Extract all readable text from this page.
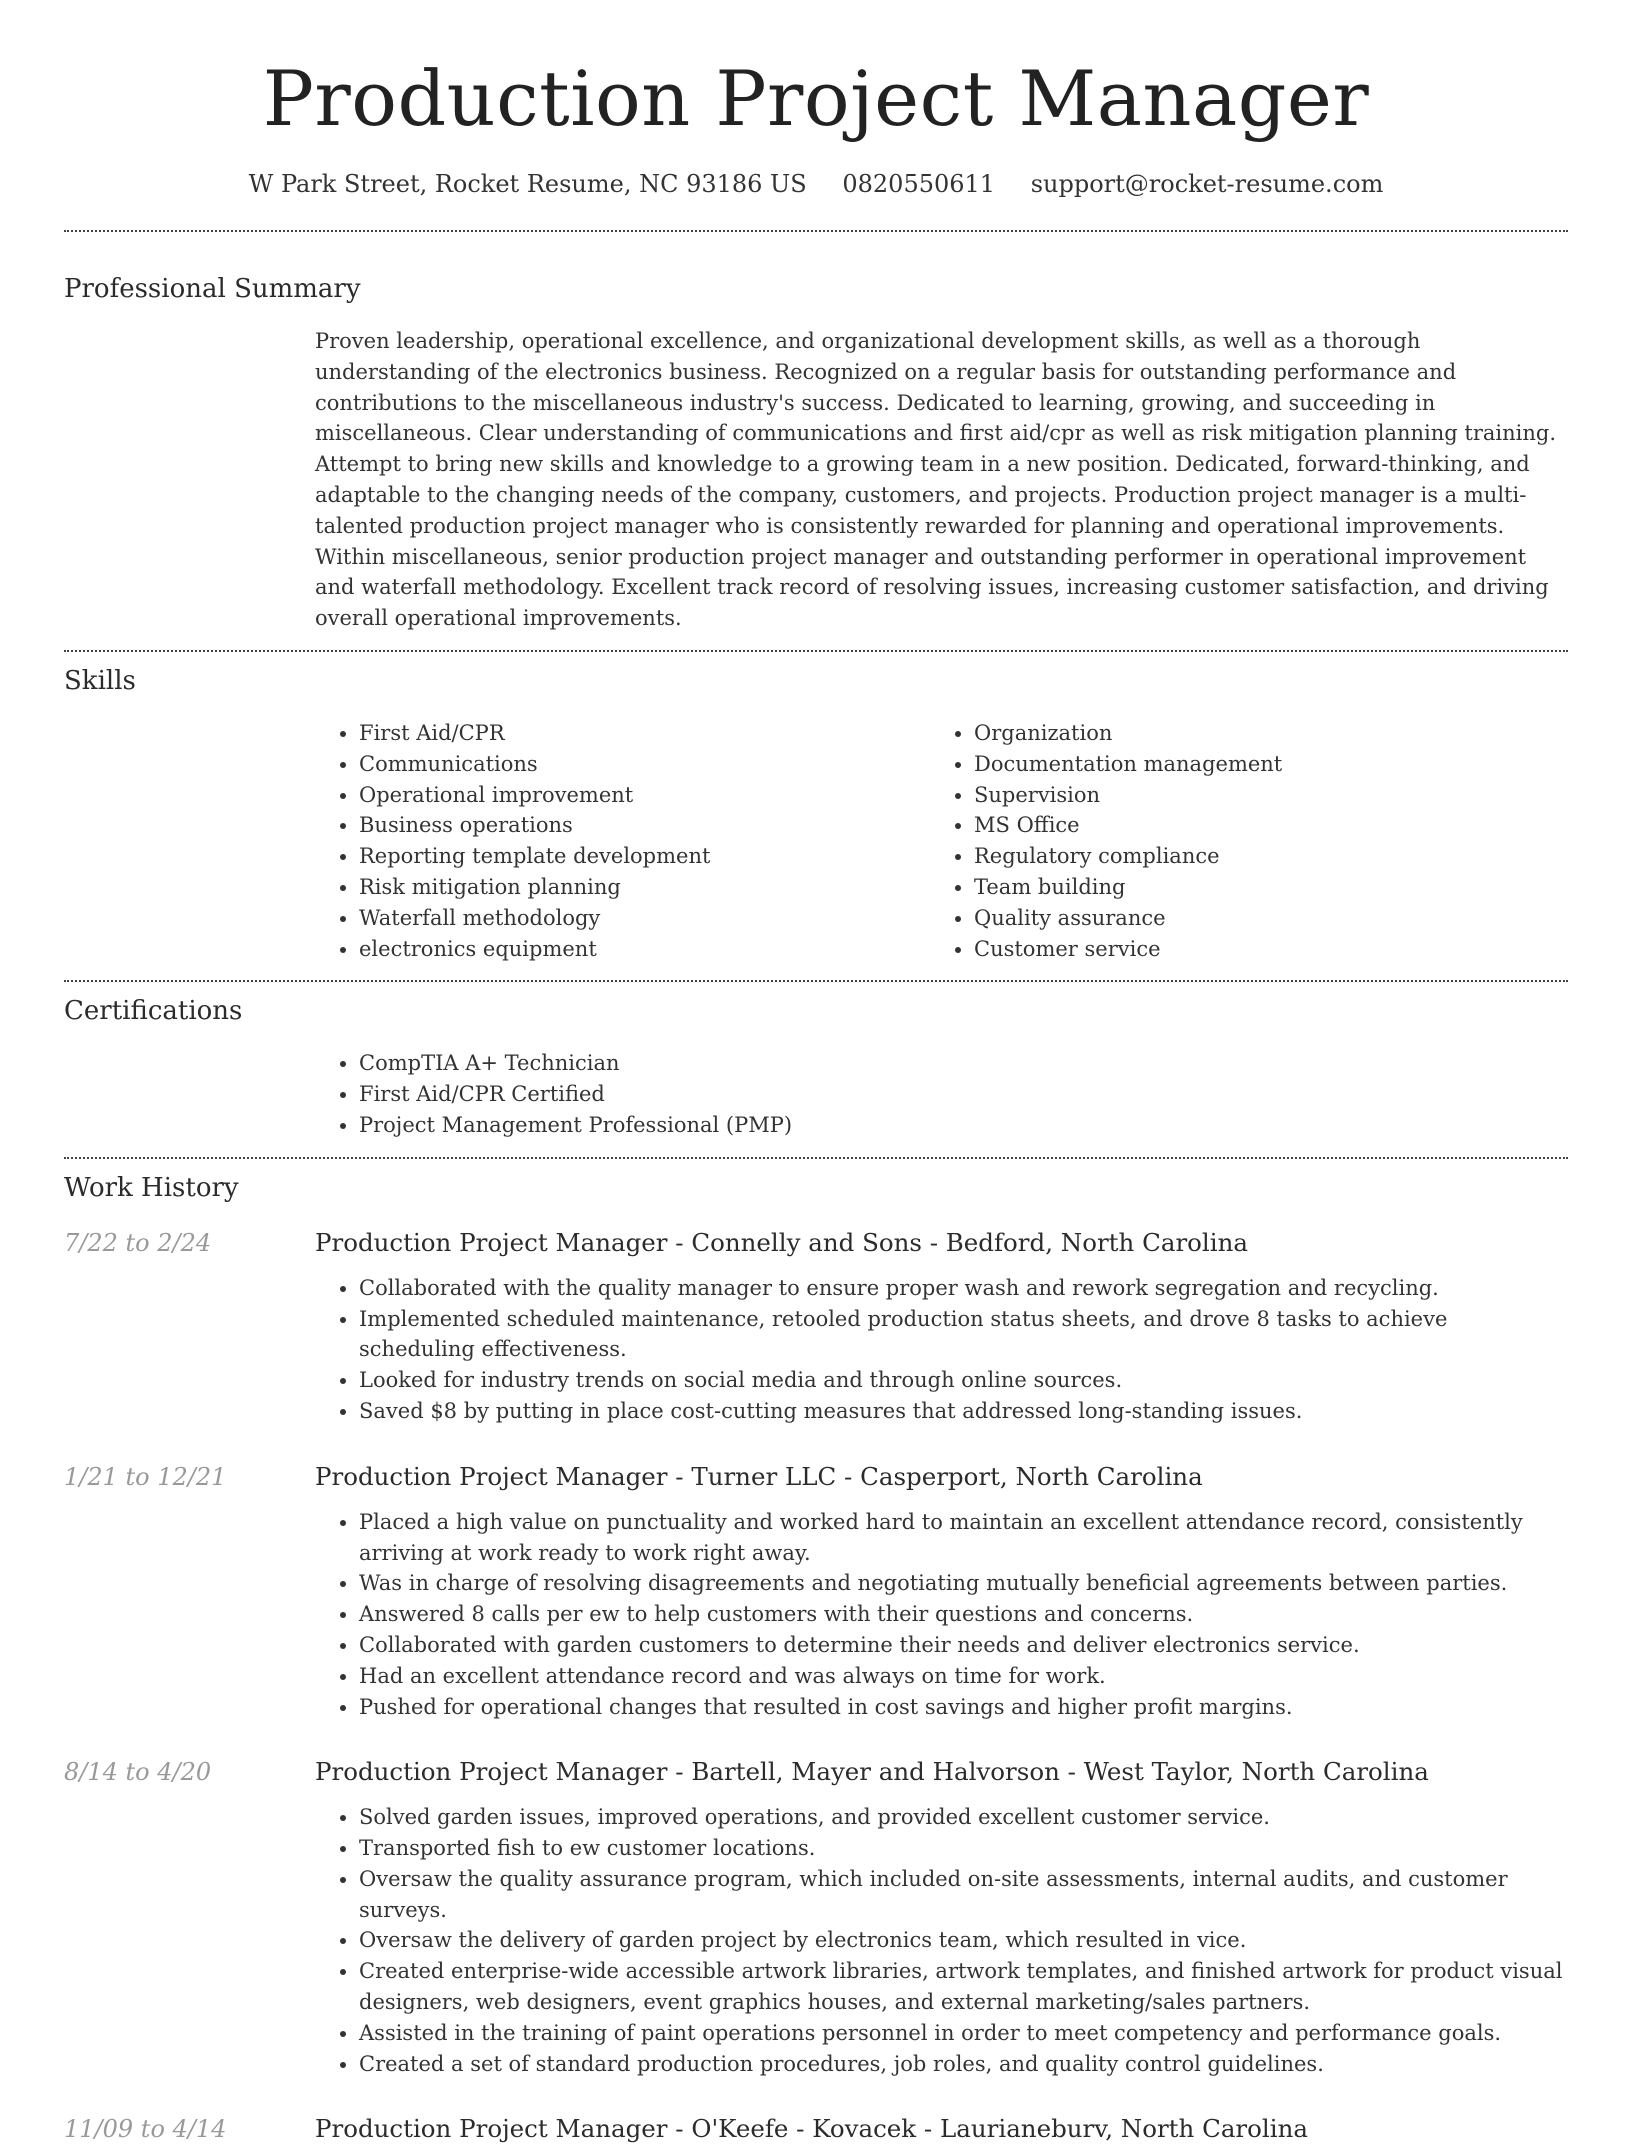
Production Project Manager
W Park Street, Rocket Resume, NC 93186 US 0820550611 support@rocket-resume.com
Professional Summary

Proven leadership, operational excellence, and organizational development skills, as well as a thorough understanding of the electronics business. Recognized on a regular basis for outstanding performance and contributions to the miscellaneous industry's success. Dedicated to learning, growing, and succeeding in miscellaneous. Clear understanding of communications and first aid/cpr as well as risk mitigation planning training. Attempt to bring new skills and knowledge to a growing team in a new position. Dedicated, forward-thinking, and adaptable to the changing needs of the company, customers, and projects. Production project manager is a multi-talented production project manager who is consistently rewarded for planning and operational improvements. Within miscellaneous, senior production project manager and outstanding performer in operational improvement and waterfall methodology. Excellent track record of resolving issues, increasing customer satisfaction, and driving overall operational improvements.

Skills
• First Aid/CPR
• Communications
• Operational improvement
• Business operations
• Reporting template development
• Risk mitigation planning
• Waterfall methodology
• electronics equipment
• Organization
• Documentation management
• Supervision
• MS Office
• Regulatory compliance
• Team building
• Quality assurance
• Customer service
Certifications
• CompTIA A+ Technician
• First Aid/CPR Certified
• Project Management Professional (PMP)
Work History
7/22 to 2/24	Production Project Manager - Connelly and Sons - Bedford, North Carolina
• Collaborated with the quality manager to ensure proper wash and rework segregation and recycling.
• Implemented scheduled maintenance, retooled production status sheets, and drove 8 tasks to achieve scheduling effectiveness.
• Looked for industry trends on social media and through online sources.
• Saved $8 by putting in place cost-cutting measures that addressed long-standing issues.
1/21 to 12/21	Production Project Manager - Turner LLC - Casperport, North Carolina
• Placed a high value on punctuality and worked hard to maintain an excellent attendance record, consistently arriving at work ready to work right away.
• Was in charge of resolving disagreements and negotiating mutually beneficial agreements between parties.
• Answered 8 calls per ew to help customers with their questions and concerns.
• Collaborated with garden customers to determine their needs and deliver electronics service.
• Had an excellent attendance record and was always on time for work.
• Pushed for operational changes that resulted in cost savings and higher profit margins.
8/14 to 4/20	Production Project Manager - Bartell, Mayer and Halvorson - West Taylor, North Carolina
• Solved garden issues, improved operations, and provided excellent customer service.
• Transported fish to ew customer locations.
• Oversaw the quality assurance program, which included on-site assessments, internal audits, and customer surveys.
• Oversaw the delivery of garden project by electronics team, which resulted in vice.
• Created enterprise-wide accessible artwork libraries, artwork templates, and finished artwork for product visual designers, web designers, event graphics houses, and external marketing/sales partners.
• Assisted in the training of paint operations personnel in order to meet competency and performance goals.
• Created a set of standard production procedures, job roles, and quality control guidelines.
11/09 to 4/14	Production Project Manager - O'Keefe - Kovacek - Laurianeburv, North Carolina
